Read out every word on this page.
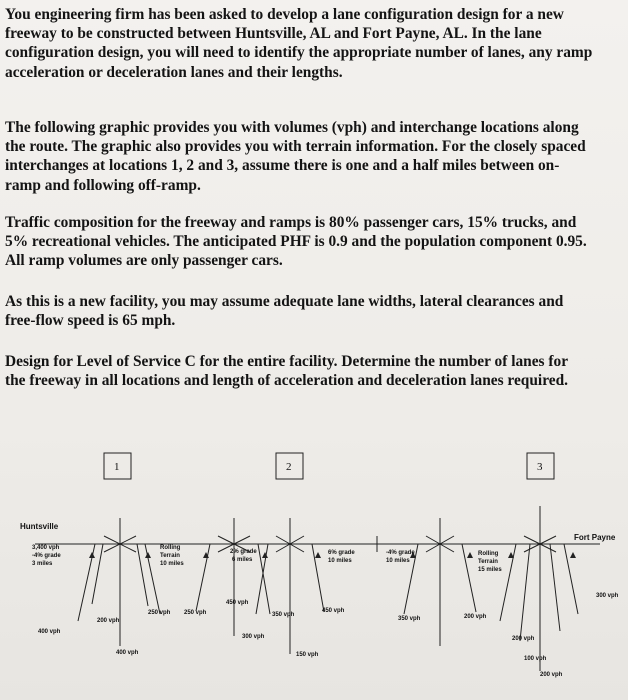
You engineering firm has been asked to develop a lane configuration design for a new
freeway to be constructed between Huntsville, AL and Fort Payne, AL. In the lane
configuration design, you will need to identify the appropriate number of lanes, any ramp
acceleration or deceleration lanes and their lengths.
The following graphic provides you with volumes (vph) and interchange locations along
the route. The graphic also provides you with terrain information. For the closely spaced
interchanges at locations 1, 2 and 3, assume there is one and a half miles between on-
ramp and following off-ramp.
Traffic composition for the freeway and ramps is 80% passenger cars, 15% trucks, and
5% recreational vehicles. The anticipated PHF is 0.9 and the population component 0.95.
All ramp volumes are only passenger cars.
As this is a new facility, you may assume adequate lane widths, lateral clearances and
free-flow speed is 65 mph.
Design for Level of Service C for the entire facility. Determine the number of lanes for
the freeway in all locations and length of acceleration and deceleration lanes required.
1	2	3
Huntsville
Fort Payne
3,400 vph
-4% grade
3 miles
Rolling
Terrain
10 miles
2% grade
6 miles
6% grade
10 miles
-4% grade
10 miles
Rolling
Terrain
15 miles
200 vph
400 vph
400 vph
300 vph
250 vph
450 vph
250 vph	350 vph
150 vph
450 vph
350 vph	200 vph
200 vph
100 vph
200 vph
300 vph
